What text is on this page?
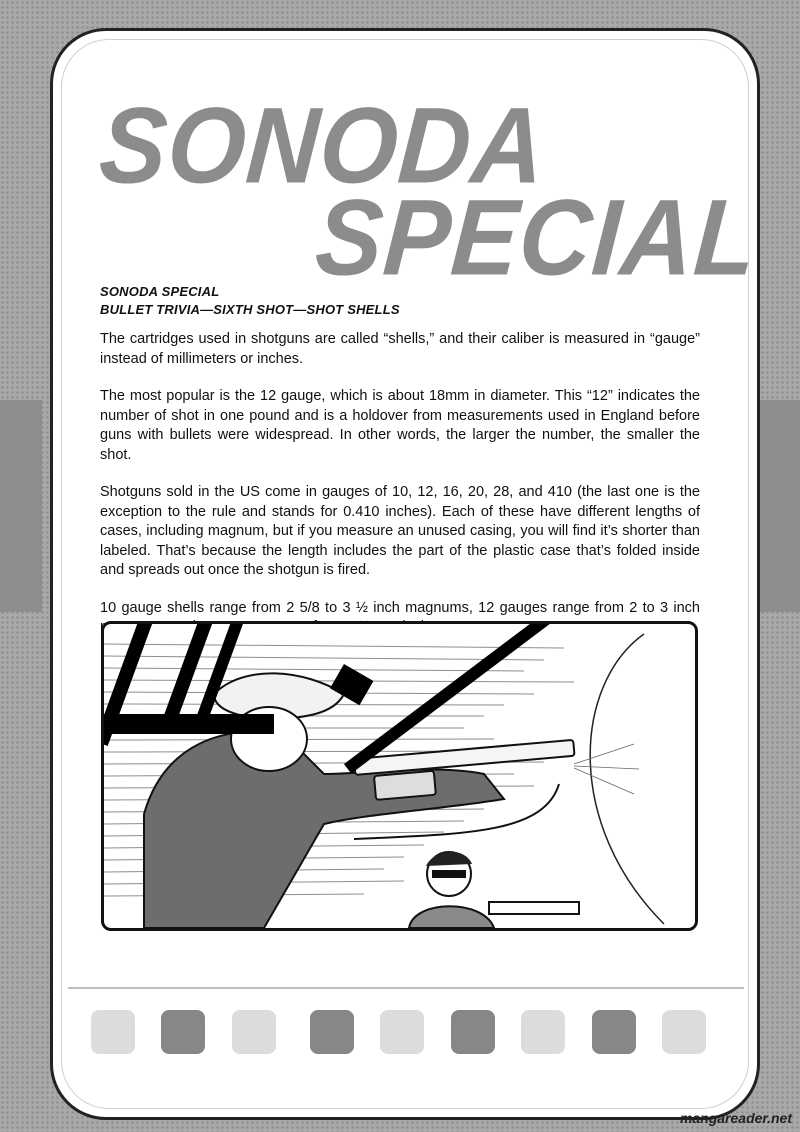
SONODA
SPECIAL
SONODA SPECIAL
BULLET TRIVIA—SIXTH SHOT—SHOT SHELLS

The cartridges used in shotguns are called “shells,” and their caliber is measured in “gauge” instead of millimeters or inches.

The most popular is the 12 gauge, which is about 18mm in diameter. This “12” indicates the number of shot in one pound and is a holdover from measurements used in England before guns with bullets were widespread. In other words, the larger the number, the smaller the shot.

Shotguns sold in the US come in gauges of 10, 12, 16, 20, 28, and 410 (the last one is the exception to the rule and stands for 0.410 inches). Each of these have different lengths of cases, including magnum, but if you measure an unused casing, you will find it’s shorter than labeled. That’s because the length includes the part of the plastic case that’s folded inside and spreads out once the shotgun is fired.

10 gauge shells range from 2 5/8 to 3 ½ inch magnums, 12 gauges range from 2 to 3 inch

mangareader.net
